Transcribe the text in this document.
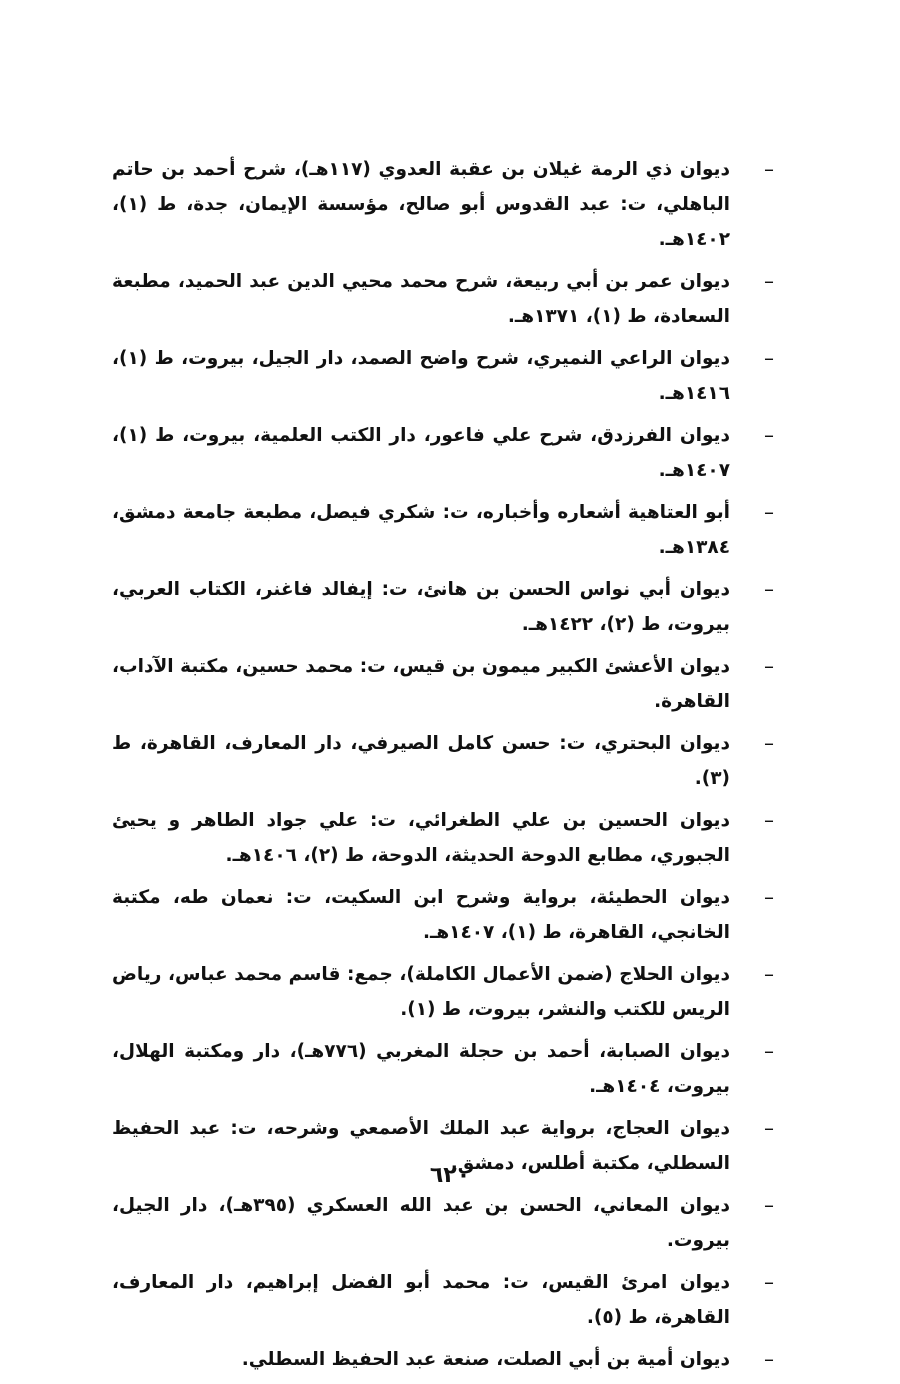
–
ديوان ذي الرمة غيلان بن عقبة العدوي (١١٧هـ)، شرح أحمد بن حاتم الباهلي، ت: عبد القدوس أبو صالح، مؤسسة الإيمان، جدة، ط (١)، ١٤٠٢هـ.
–
ديوان عمر بن أبي ربيعة، شرح محمد محيي الدين عبد الحميد، مطبعة السعادة، ط (١)، ١٣٧١هـ.
–
ديوان الراعي النميري، شرح واضح الصمد، دار الجيل، بيروت، ط (١)، ١٤١٦هـ.
–
ديوان الفرزدق، شرح علي فاعور، دار الكتب العلمية، بيروت، ط (١)، ١٤٠٧هـ.
–
أبو العتاهية أشعاره وأخباره، ت: شكري فيصل، مطبعة جامعة دمشق، ١٣٨٤هـ.
–
ديوان أبي نواس الحسن بن هانئ، ت: إيفالد فاغنر، الكتاب العربي، بيروت، ط (٢)، ١٤٢٢هـ.
–
ديوان الأعشئ الكبير ميمون بن قيس، ت: محمد حسين، مكتبة الآداب، القاهرة.
–
ديوان البحتري، ت: حسن كامل الصيرفي، دار المعارف، القاهرة، ط (٣).
–
ديوان الحسين بن علي الطغرائي، ت: علي جواد الطاهر و يحيئ الجبوري، مطابع الدوحة الحديثة، الدوحة، ط (٢)، ١٤٠٦هـ.
–
ديوان الحطيئة، برواية وشرح ابن السكيت، ت: نعمان طه، مكتبة الخانجي، القاهرة، ط (١)، ١٤٠٧هـ.
–
ديوان الحلاج (ضمن الأعمال الكاملة)، جمع: قاسم محمد عباس، رياض الريس للكتب والنشر، بيروت، ط (١).
–
ديوان الصبابة، أحمد بن حجلة المغربي (٧٧٦هـ)، دار ومكتبة الهلال، بيروت، ١٤٠٤هـ.
–
ديوان العجاج، برواية عبد الملك الأصمعي وشرحه، ت: عبد الحفيظ السطلي، مكتبة أطلس، دمشق.
–
ديوان المعاني، الحسن بن عبد الله العسكري (٣٩٥هـ)، دار الجيل، بيروت.
–
ديوان امرئ القيس، ت: محمد أبو الفضل إبراهيم، دار المعارف، القاهرة، ط (٥).
–
ديوان أمية بن أبي الصلت، صنعة عبد الحفيظ السطلي.
٦٢٠
